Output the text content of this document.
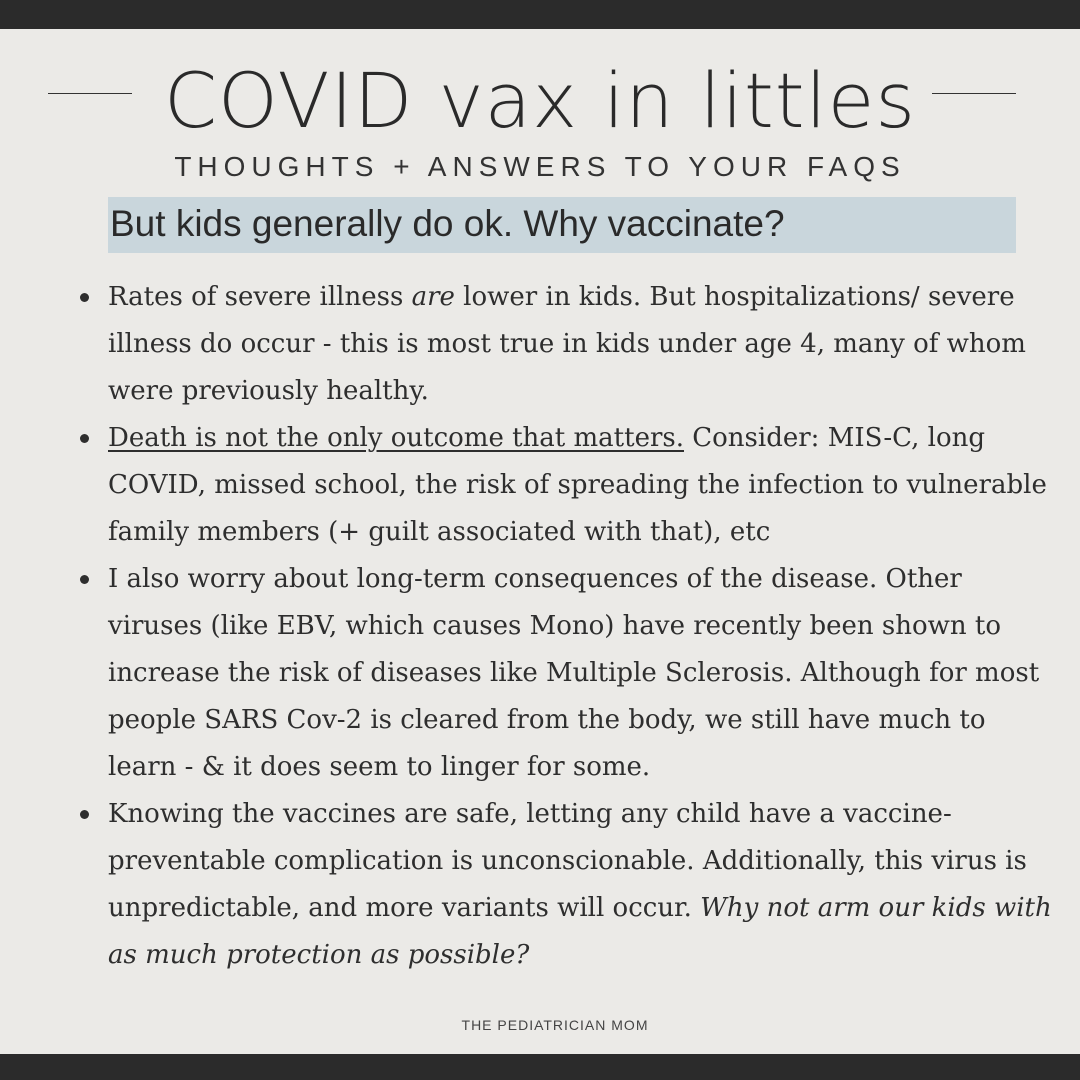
COVID vax in littles
THOUGHTS + ANSWERS TO YOUR FAQS
But kids generally do ok. Why vaccinate?
Rates of severe illness are lower in kids. But hospitalizations/ severe illness do occur - this is most true in kids under age 4, many of whom were previously healthy.
Death is not the only outcome that matters. Consider: MIS-C, long COVID, missed school, the risk of spreading the infection to vulnerable family members (+ guilt associated with that), etc
I also worry about long-term consequences of the disease. Other viruses (like EBV, which causes Mono) have recently been shown to increase the risk of diseases like Multiple Sclerosis. Although for most people SARS Cov-2 is cleared from the body, we still have much to learn - & it does seem to linger for some.
Knowing the vaccines are safe, letting any child have a vaccine-preventable complication is unconscionable. Additionally, this virus is unpredictable, and more variants will occur. Why not arm our kids with as much protection as possible?
THE PEDIATRICIAN MOM
